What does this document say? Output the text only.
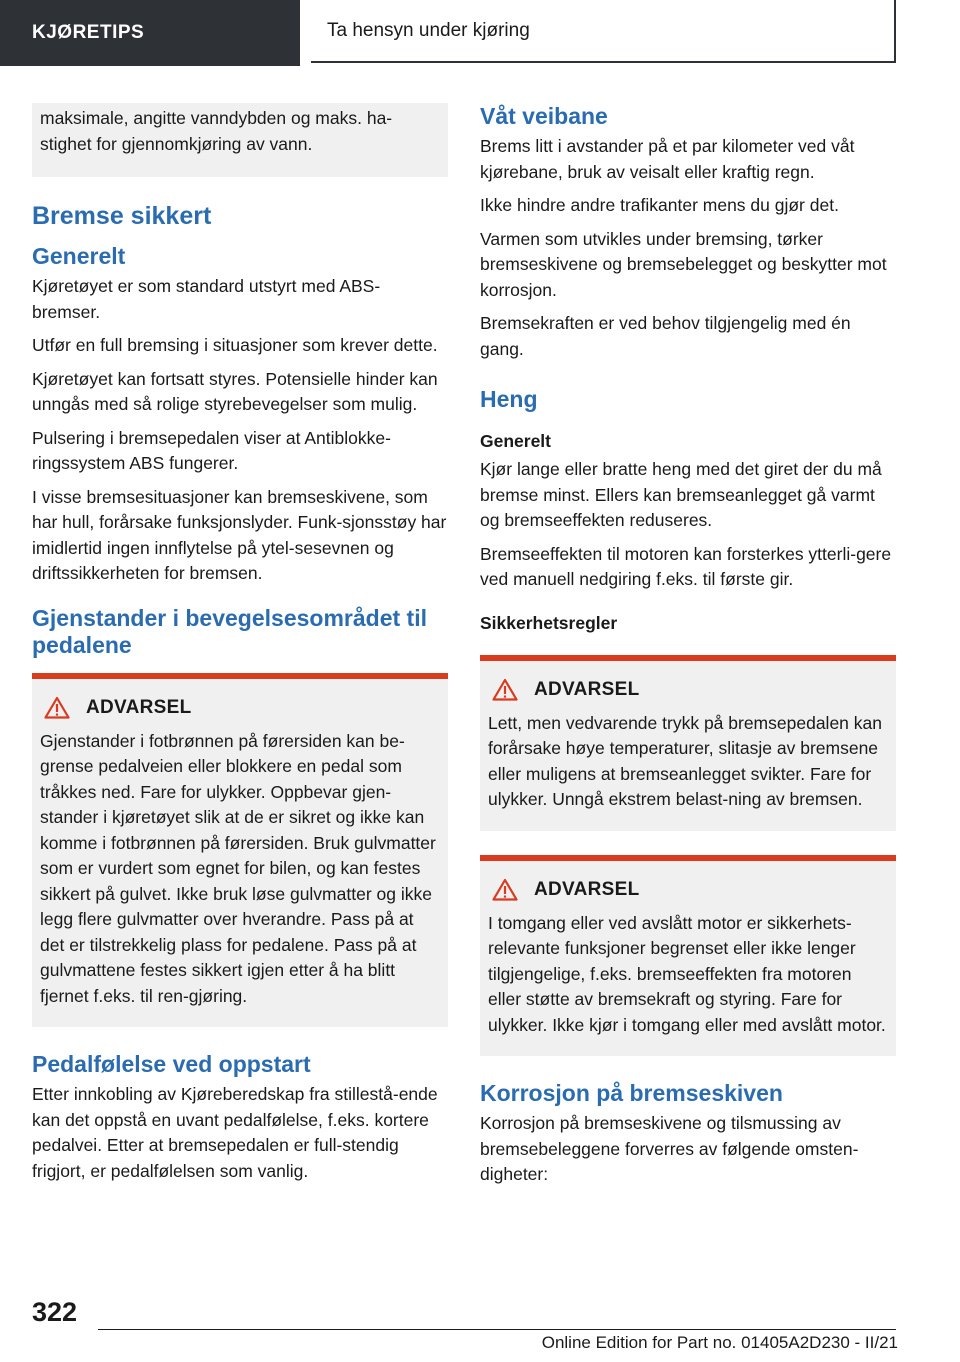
KJØRETIPS	Ta hensyn under kjøring

maksimale, angitte vanndybden og maks. ha-stighet for gjennomkjøring av vann.

Bremse sikkert
Generelt

Kjøretøyet er som standard utstyrt med ABS-bremser.

Utfør en full bremsing i situasjoner som krever dette.

Kjøretøyet kan fortsatt styres. Potensielle hinder kan unngås med så rolige styrebevegelser som mulig.

Pulsering i bremsepedalen viser at Antiblokke-ringssystem ABS fungerer.

I visse bremsesituasjoner kan bremseskivene, som har hull, forårsake funksjonslyder. Funk-sjonsstøy har imidlertid ingen innflytelse på ytel-sesevnen og driftssikkerheten for bremsen.

Gjenstander i bevegelsesområdet til pedalene
ADVARSEL

Gjenstander i fotbrønnen på førersiden kan be-grense pedalveien eller blokkere en pedal som tråkkes ned. Fare for ulykker. Oppbevar gjen-stander i kjøretøyet slik at de er sikret og ikke kan komme i fotbrønnen på førersiden. Bruk gulvmatter som er vurdert som egnet for bilen, og kan festes sikkert på gulvet. Ikke bruk løse gulvmatter og ikke legg flere gulvmatter over hverandre. Pass på at det er tilstrekkelig plass for pedalene. Pass på at gulvmattene festes sikkert igjen etter å ha blitt fjernet f.eks. til ren-gjøring.

Pedalfølelse ved oppstart

Etter innkobling av Kjøreberedskap fra stillestå-ende kan det oppstå en uvant pedalfølelse, f.eks. kortere pedalvei. Etter at bremsepedalen er full-stendig frigjort, er pedalfølelsen som vanlig.

Våt veibane

Brems litt i avstander på et par kilometer ved våt kjørebane, bruk av veisalt eller kraftig regn.

Ikke hindre andre trafikanter mens du gjør det.

Varmen som utvikles under bremsing, tørker bremseskivene og bremsebelegget og beskytter mot korrosjon.

Bremsekraften er ved behov tilgjengelig med én gang.

Heng
Generelt

Kjør lange eller bratte heng med det giret der du må bremse minst. Ellers kan bremseanlegget gå varmt og bremseeffekten reduseres.

Bremseeffekten til motoren kan forsterkes ytterli-gere ved manuell nedgiring f.eks. til første gir.

Sikkerhetsregler
ADVARSEL

Lett, men vedvarende trykk på bremsepedalen kan forårsake høye temperaturer, slitasje av bremsene eller muligens at bremseanlegget svikter. Fare for ulykker. Unngå ekstrem belast-ning av bremsen.

ADVARSEL

I tomgang eller ved avslått motor er sikkerhets-relevante funksjoner begrenset eller ikke lenger tilgjengelige, f.eks. bremseeffekten fra motoren eller støtte av bremsekraft og styring. Fare for ulykker. Ikke kjør i tomgang eller med avslått motor.

Korrosjon på bremseskiven

Korrosjon på bremseskivene og tilsmussing av bremsebeleggene forverres av følgende omsten-digheter:

322
Online Edition for Part no. 01405A2D230 - II/21
